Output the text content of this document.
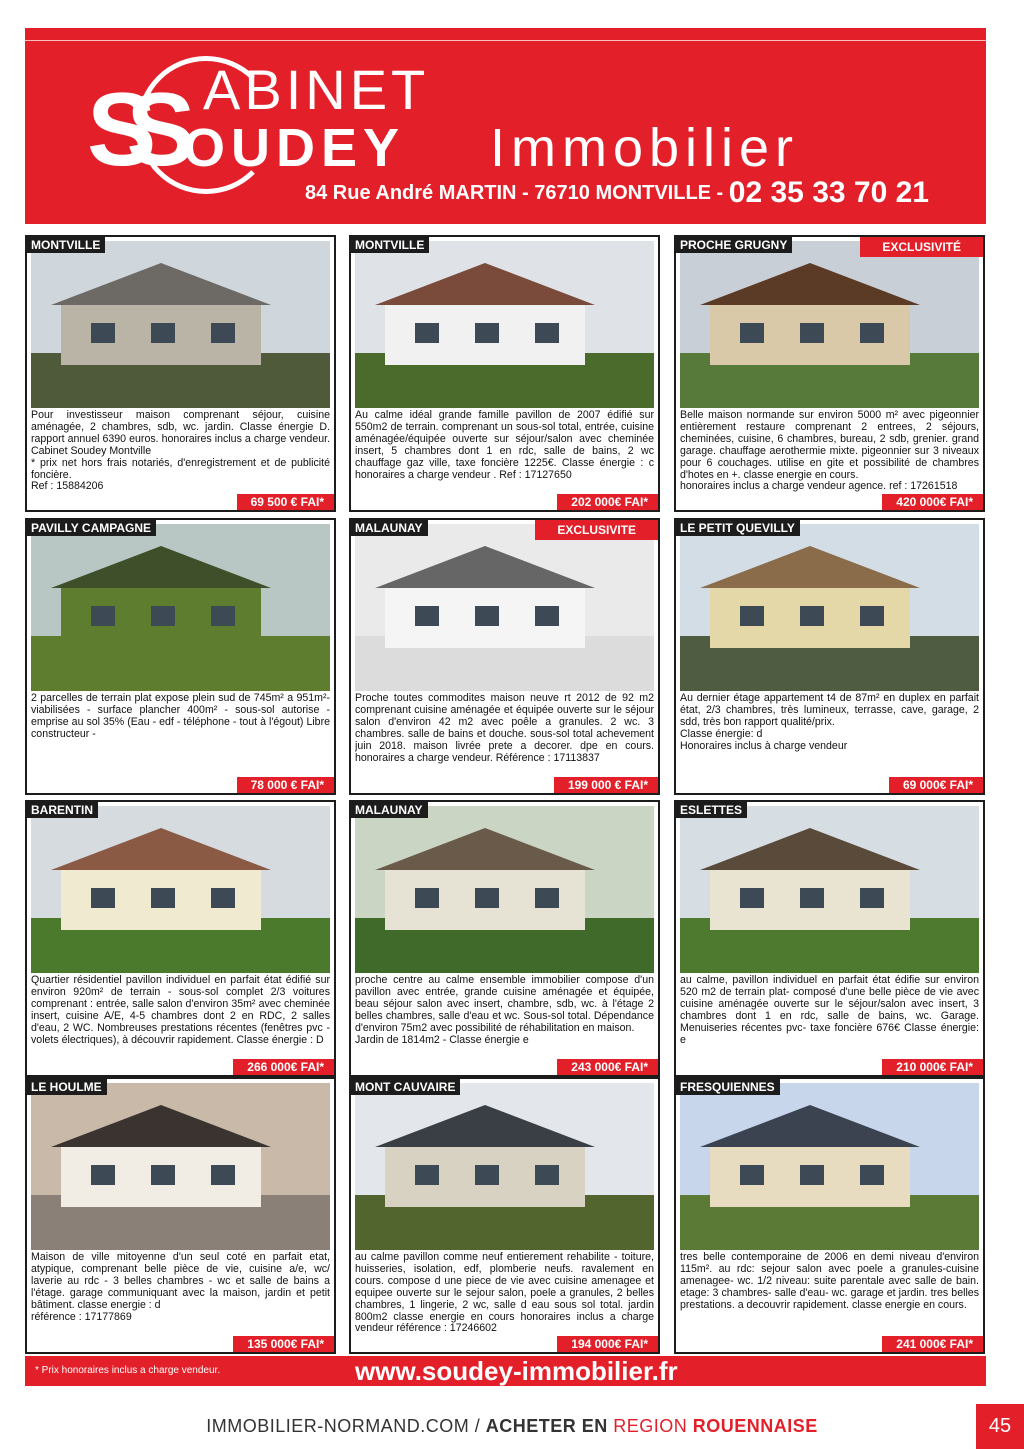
SS ABINET
OUDEY Immobilier
84 Rue André MARTIN - 76710 MONTVILLE - 02 35 33 70 21
MONTVILLE
Pour investisseur maison comprenant séjour, cuisine aménagée, 2 chambres, sdb, wc. jardin. Classe énergie D. rapport annuel 6390 euros. honoraires inclus a charge vendeur. Cabinet Soudey Montville
* prix net hors frais notariés, d'enregistrement et de publicité foncière.
Ref : 15884206
69 500 € FAI*
MONTVILLE
Au calme idéal grande famille pavillon de 2007 édifié sur 550m2 de terrain. comprenant un sous-sol total, entrée, cuisine aménagée/équipée ouverte sur séjour/salon avec cheminée insert, 5 chambres dont 1 en rdc, salle de bains, 2 wc chauffage gaz ville, taxe foncière 1225€. Classe énergie : c honoraires a charge vendeur . Ref : 17127650
202 000€ FAI*
PROCHE GRUGNY	EXCLUSIVITÉ
Belle maison normande sur environ 5000 m² avec pigeonnier entièrement restaure comprenant 2 entrees, 2 séjours, cheminées, cuisine, 6 chambres, bureau, 2 sdb, grenier. grand garage. chauffage aerothermie mixte. pigeonnier sur 3 niveaux pour 6 couchages. utilise en gite et possibilité de chambres d'hotes en +. classe energie en cours.
honoraires inclus a charge vendeur agence. ref : 17261518
420 000€ FAI*
PAVILLY CAMPAGNE
2 parcelles de terrain plat expose plein sud de 745m² a 951m²- viabilisées - surface plancher 400m² - sous-sol autorise - emprise au sol 35% (Eau - edf - téléphone - tout à l'égout) Libre constructeur -
78 000 € FAI*
MALAUNAY	EXCLUSIVITE
Proche toutes commodites maison neuve rt 2012 de 92 m2 comprenant cuisine aménagée et équipée ouverte sur le séjour salon d'environ 42 m2 avec poêle a granules. 2 wc. 3 chambres. salle de bains et douche. sous-sol total achevement juin 2018. maison livrée prete a decorer. dpe en cours. honoraires a charge vendeur. Référence : 17113837
199 000 € FAI*
LE PETIT QUEVILLY
Au dernier étage appartement t4 de 87m² en duplex en parfait état, 2/3 chambres, très lumineux, terrasse, cave, garage, 2 sdd, très bon rapport qualité/prix.
Classe énergie: d
Honoraires inclus à charge vendeur
69 000€ FAI*
BARENTIN
Quartier résidentiel pavillon individuel en parfait état édifié sur environ 920m² de terrain - sous-sol complet 2/3 voitures comprenant : entrée, salle salon d'environ 35m² avec cheminée insert, cuisine A/E, 4-5 chambres dont 2 en RDC, 2 salles d'eau, 2 WC. Nombreuses prestations récentes (fenêtres pvc - volets électriques), à découvrir rapidement. Classe énergie : D
266 000€ FAI*
MALAUNAY
proche centre au calme ensemble immobilier compose d'un pavillon avec entrée, grande cuisine aménagée et équipée, beau séjour salon avec insert, chambre, sdb, wc. à l'étage 2 belles chambres, salle d'eau et wc. Sous-sol total. Dépendance d'environ 75m2 avec possibilité de réhabilitation en maison.
Jardin de 1814m2 - Classe énergie e
243 000€ FAI*
ESLETTES
au calme, pavillon individuel en parfait état édifie sur environ 520 m2 de terrain plat- composé d'une belle pièce de vie avec cuisine aménagée ouverte sur le séjour/salon avec insert, 3 chambres dont 1 en rdc, salle de bains, wc. Garage. Menuiseries récentes pvc- taxe foncière 676€ Classe énergie: e
210 000€ FAI*
LE HOULME
Maison de ville mitoyenne d'un seul coté en parfait etat, atypique, comprenant belle pièce de vie, cuisine a/e, wc/ laverie au rdc - 3 belles chambres - wc et salle de bains a l'étage. garage communiquant avec la maison, jardin et petit bâtiment. classe energie : d
référence : 17177869
135 000€ FAI*
MONT CAUVAIRE
au calme pavillon comme neuf entierement rehabilite - toiture, huisseries, isolation, edf, plomberie neufs. ravalement en cours. compose d une piece de vie avec cuisine amenagee et equipee ouverte sur le sejour salon, poele a granules, 2 belles chambres, 1 lingerie, 2 wc, salle d eau sous sol total. jardin 800m2 classe energie en cours honoraires inclus a charge vendeur référence : 17246602
194 000€ FAI*
FRESQUIENNES
tres belle contemporaine de 2006 en demi niveau d'environ 115m². au rdc: sejour salon avec poele a granules-cuisine amenagee- wc. 1/2 niveau: suite parentale avec salle de bain. etage: 3 chambres- salle d'eau- wc. garage et jardin. tres belles prestations. a decouvrir rapidement. classe energie en cours.
241 000€ FAI*
* Prix honoraires inclus a charge vendeur.	www.soudey-immobilier.fr
IMMOBILIER-NORMAND.COM / ACHETER EN REGION ROUENNAISE	45
